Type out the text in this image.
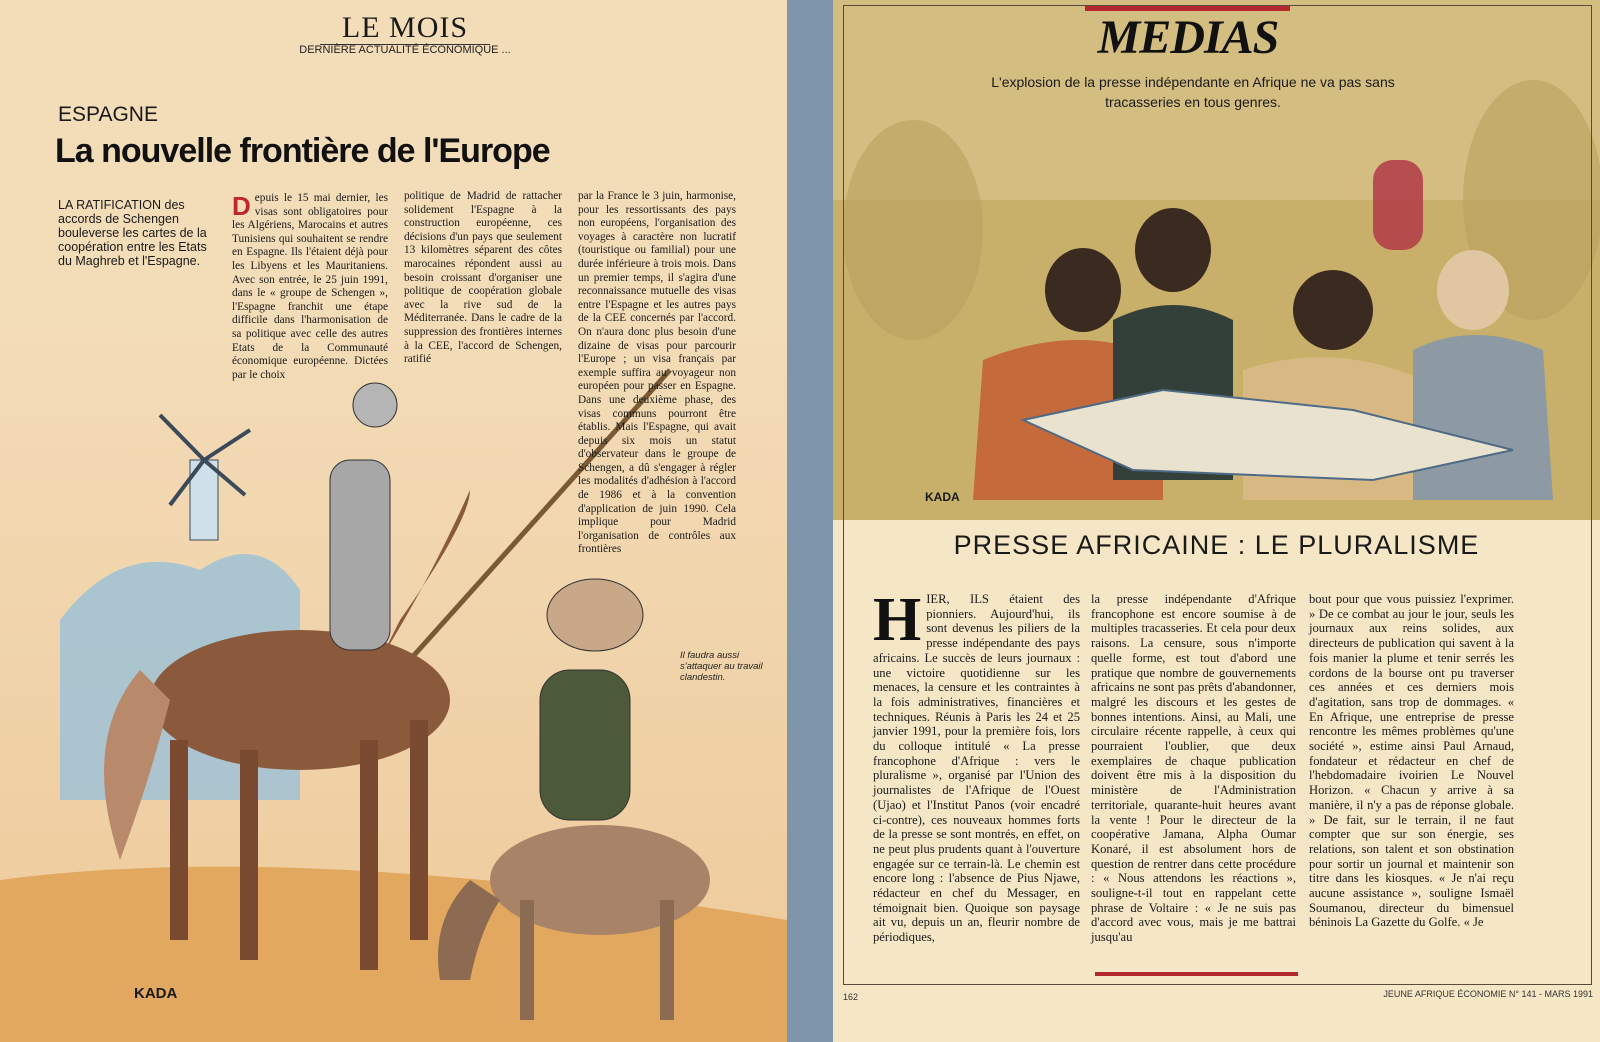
LE MOIS
DERNIÈRE ACTUALITÉ ÉCONOMIQUE ...
ESPAGNE
La nouvelle frontière de l'Europe
LA RATIFICATION des accords de Schengen bouleverse les cartes de la coopération entre les Etats du Maghreb et l'Espagne.
Depuis le 15 mai dernier, les visas sont obligatoires pour les Algériens, Marocains et autres Tunisiens qui souhaitent se rendre en Espagne. Ils l'étaient déjà pour les Libyens et les Mauritaniens. Avec son entrée, le 25 juin 1991, dans le « groupe de Schengen », l'Espagne franchit une étape difficile dans l'harmonisation de sa politique avec celle des autres Etats de la Communauté économique européenne. Dictées par le choix
politique de Madrid de rattacher solidement l'Espagne à la construction européenne, ces décisions d'un pays que seulement 13 kilomètres séparent des côtes marocaines répondent aussi au besoin croissant d'organiser une politique de coopération globale avec la rive sud de la Méditerranée. Dans le cadre de la suppression des frontières internes à la CEE, l'accord de Schengen, ratifié
par la France le 3 juin, harmonise, pour les ressortissants des pays non européens, l'organisation des voyages à caractère non lucratif (touristique ou familial) pour une durée inférieure à trois mois. Dans un premier temps, il s'agira d'une reconnaissance mutuelle des visas entre l'Espagne et les autres pays de la CEE concernés par l'accord. On n'aura donc plus besoin d'une dizaine de visas pour parcourir l'Europe ; un visa français par exemple suffira au voyageur non européen pour passer en Espagne. Dans une deuxième phase, des visas communs pourront être établis. Mais l'Espagne, qui avait depuis six mois un statut d'observateur dans le groupe de Schengen, a dû s'engager à régler les modalités d'adhésion à l'accord de 1986 et à la convention d'application de juin 1990. Cela implique pour Madrid l'organisation de contrôles aux frontières
Il faudra aussi s'attaquer au travail clandestin.
KADA
MEDIAS
L'explosion de la presse indépendante en Afrique ne va pas sans tracasseries en tous genres.
KADA
PRESSE AFRICAINE : LE PLURALISME
HIER, ILS étaient des pionniers. Aujourd'hui, ils sont devenus les piliers de la presse indépendante des pays africains. Le succès de leurs journaux : une victoire quotidienne sur les menaces, la censure et les contraintes à la fois administratives, financières et techniques. Réunis à Paris les 24 et 25 janvier 1991, pour la première fois, lors du colloque intitulé « La presse francophone d'Afrique : vers le pluralisme », organisé par l'Union des journalistes de l'Afrique de l'Ouest (Ujao) et l'Institut Panos (voir encadré ci-contre), ces nouveaux hommes forts de la presse se sont montrés, en effet, on ne peut plus prudents quant à l'ouverture engagée sur ce terrain-là. Le chemin est encore long : l'absence de Pius Njawe, rédacteur en chef du Messager, en témoignait bien. Quoique son paysage ait vu, depuis un an, fleurir nombre de périodiques,
la presse indépendante d'Afrique francophone est encore soumise à de multiples tracasseries. Et cela pour deux raisons. La censure, sous n'importe quelle forme, est tout d'abord une pratique que nombre de gouvernements africains ne sont pas prêts d'abandonner, malgré les discours et les gestes de bonnes intentions. Ainsi, au Mali, une circulaire récente rappelle, à ceux qui pourraient l'oublier, que deux exemplaires de chaque publication doivent être mis à la disposition du ministère de l'Administration territoriale, quarante-huit heures avant la vente ! Pour le directeur de la coopérative Jamana, Alpha Oumar Konaré, il est absolument hors de question de rentrer dans cette procédure : « Nous attendons les réactions », souligne-t-il tout en rappelant cette phrase de Voltaire : « Je ne suis pas d'accord avec vous, mais je me battrai jusqu'au
bout pour que vous puissiez l'exprimer. » De ce combat au jour le jour, seuls les journaux aux reins solides, aux directeurs de publication qui savent à la fois manier la plume et tenir serrés les cordons de la bourse ont pu traverser ces années et ces derniers mois d'agitation, sans trop de dommages. « En Afrique, une entreprise de presse rencontre les mêmes problèmes qu'une société », estime ainsi Paul Arnaud, fondateur et rédacteur en chef de l'hebdomadaire ivoirien Le Nouvel Horizon. « Chacun y arrive à sa manière, il n'y a pas de réponse globale. » De fait, sur le terrain, il ne faut compter que sur son énergie, ses relations, son talent et son obstination pour sortir un journal et maintenir son titre dans les kiosques. « Je n'ai reçu aucune assistance », souligne Ismaël Soumanou, directeur du bimensuel béninois La Gazette du Golfe. « Je
162	JEUNE AFRIQUE ÉCONOMIE N° 141 - MARS 1991
